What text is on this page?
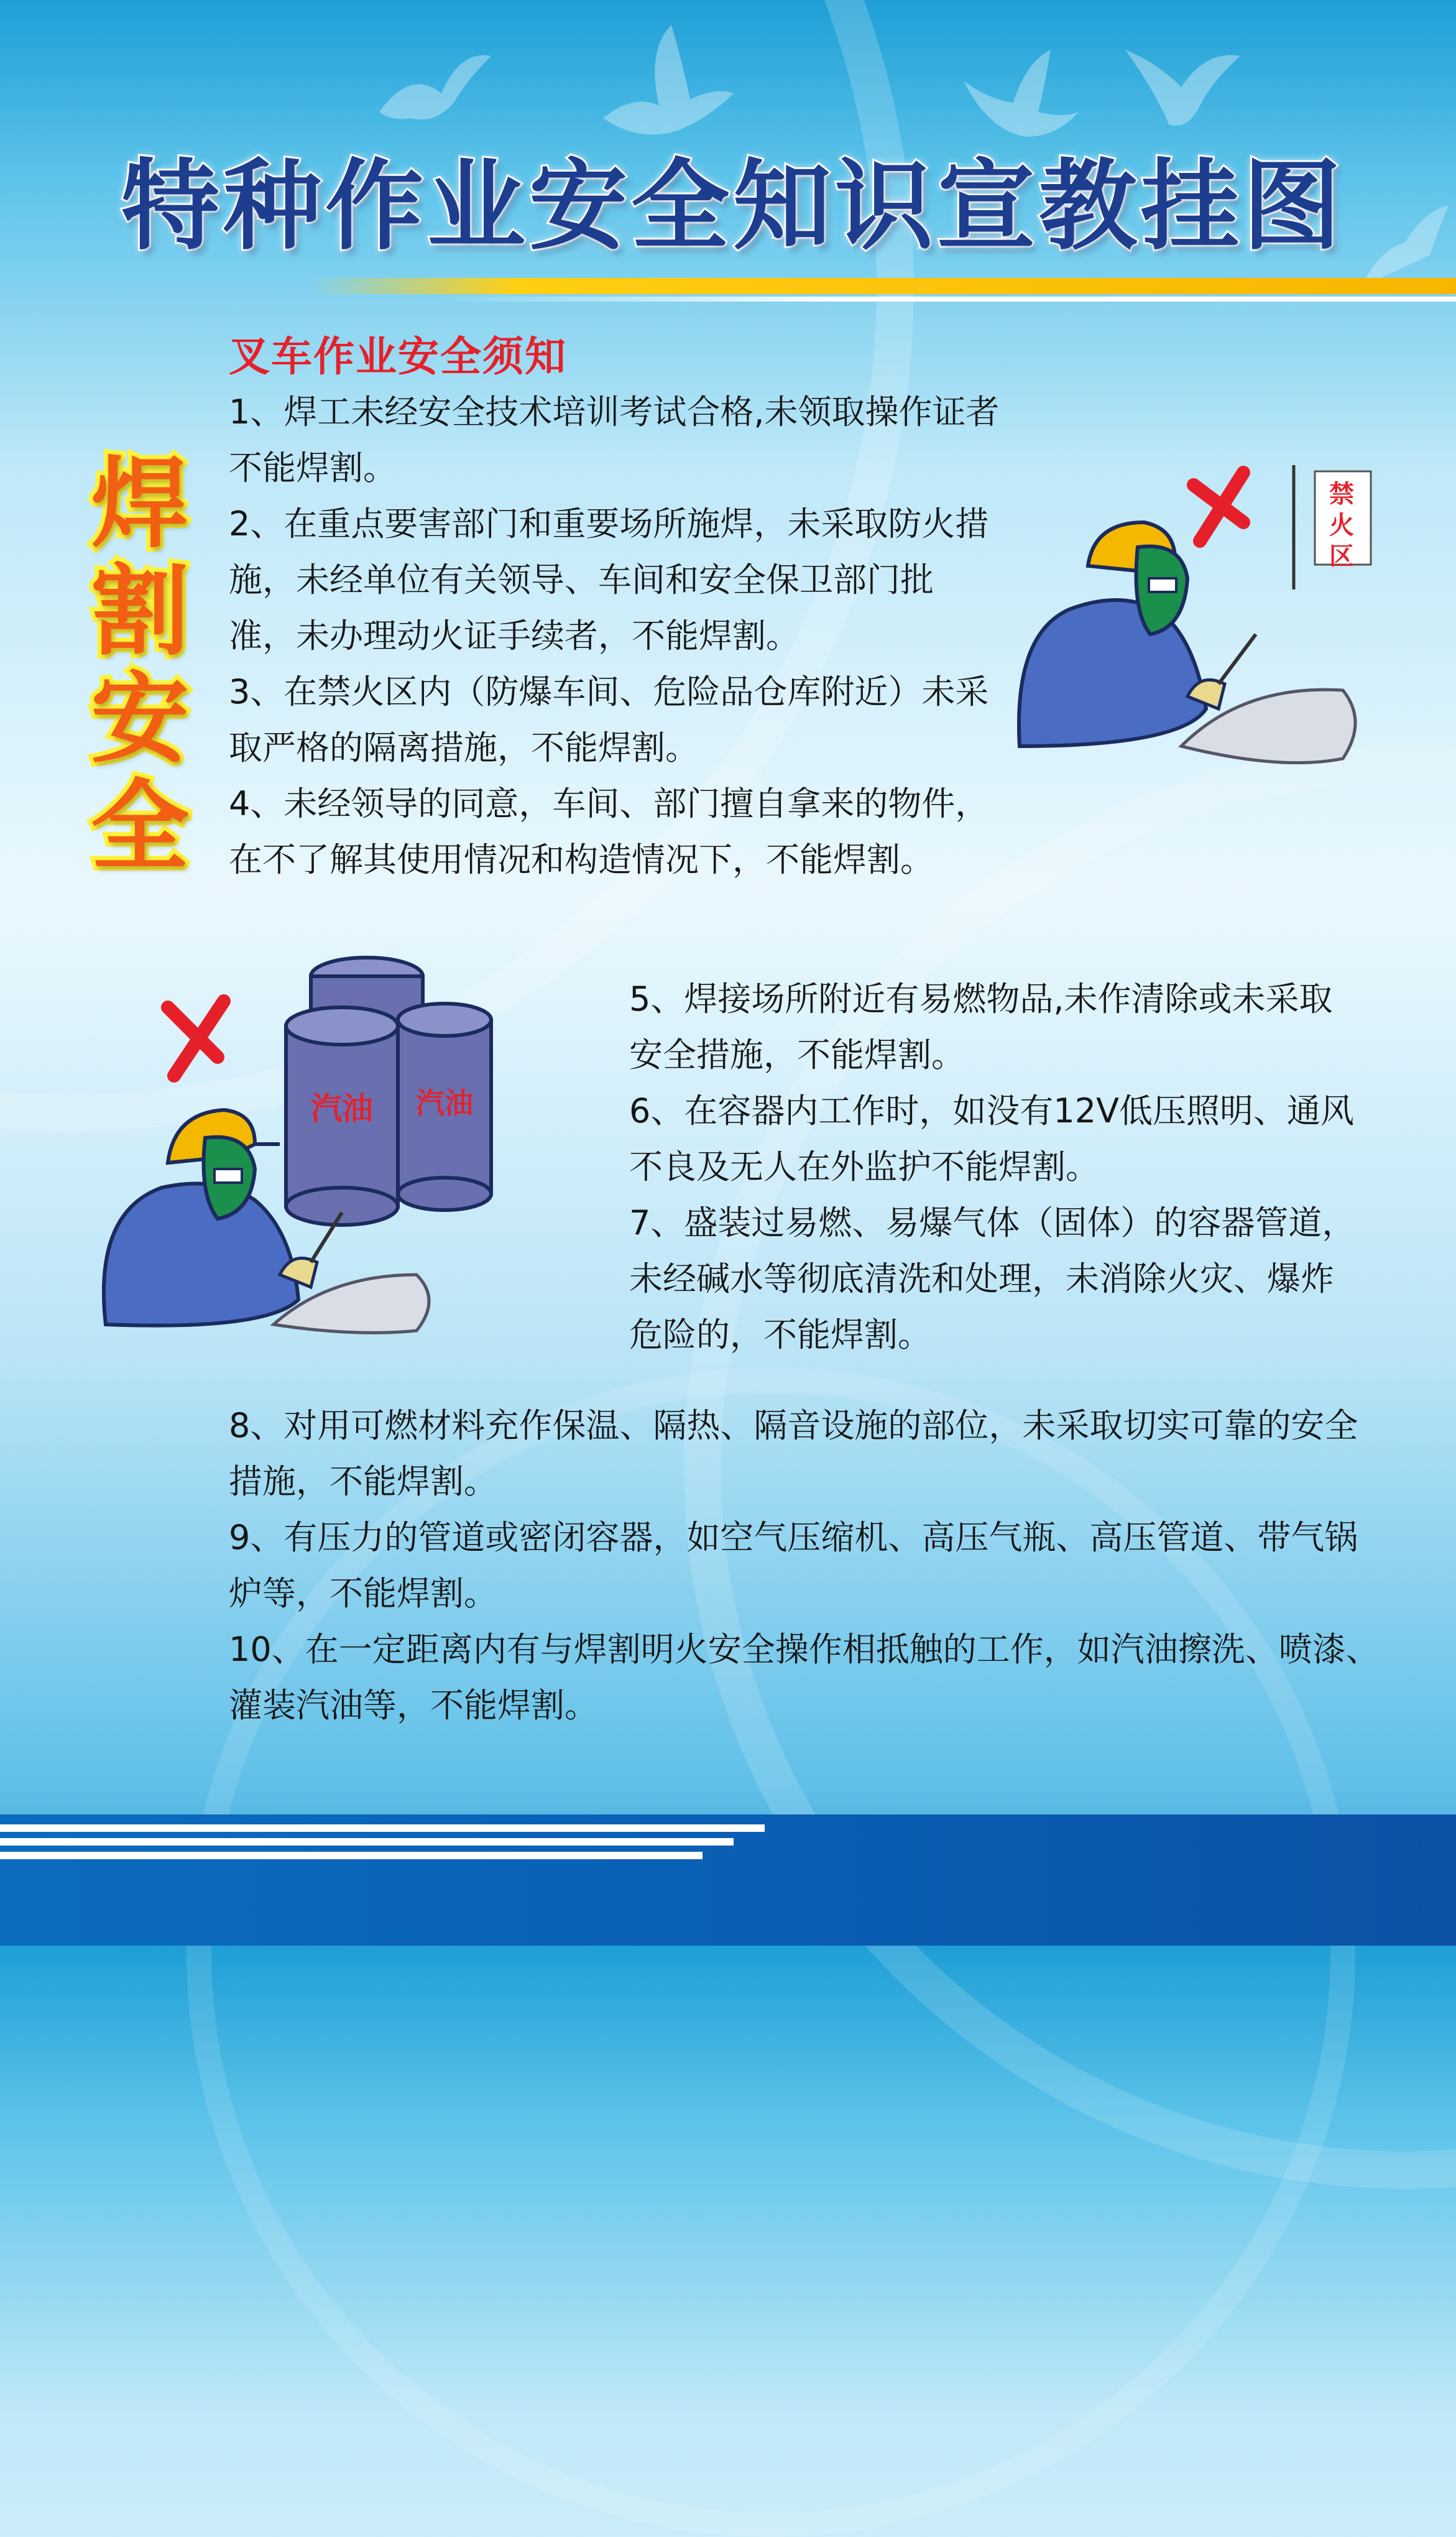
特种作业安全知识宣教挂图
焊
割
安
全
叉车作业安全须知

1、焊工未经安全技术培训考试合格,未领取操作证者不能焊割。

2、在重点要害部门和重要场所施焊，未采取防火措施，未经单位有关领导、车间和安全保卫部门批准，未办理动火证手续者，不能焊割。

3、在禁火区内（防爆车间、危险品仓库附近）未采取严格的隔离措施，不能焊割。

4、未经领导的同意，车间、部门擅自拿来的物件，在不了解其使用情况和构造情况下，不能焊割。

5、焊接场所附近有易燃物品,未作清除或未采取安全措施，不能焊割。

6、在容器内工作时，如没有12V低压照明、通风不良及无人在外监护不能焊割。

7、盛装过易燃、易爆气体（固体）的容器管道，未经碱水等彻底清洗和处理，未消除火灾、爆炸危险的，不能焊割。

8、对用可燃材料充作保温、隔热、隔音设施的部位，未采取切实可靠的安全措施，不能焊割。

9、有压力的管道或密闭容器，如空气压缩机、高压气瓶、高压管道、带气锅炉等，不能焊割。

10、在一定距离内有与焊割明火安全操作相抵触的工作，如汽油擦洗、喷漆、灌装汽油等，不能焊割。

禁火区
汽油 汽油
